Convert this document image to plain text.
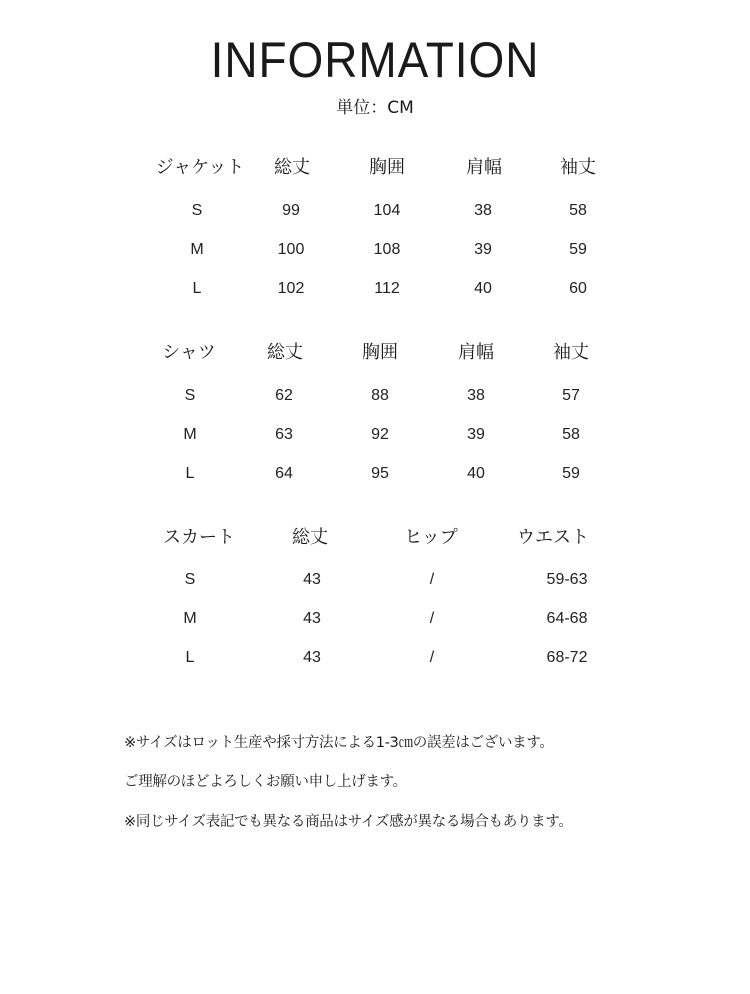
INFORMATION
単位：CM
ジャケット 総丈	胸囲	肩幅	袖丈
S	99	104	38	58
M	100	108	39	59
L	102	112	40	60
シャツ	総丈	胸囲	肩幅	袖丈
S	62	88	38	57
M	63	92	39	58
L	64	95	40	59
スカート	総丈	ヒップ	ウエスト
S	43	/	59-63
M	43	/	64-68
L	43	/	68-72
※サイズはロット生産や採寸方法による1-3㎝の誤差はございます。
ご理解のほどよろしくお願い申し上げます。
※同じサイズ表記でも異なる商品はサイズ感が異なる場合もあります。
